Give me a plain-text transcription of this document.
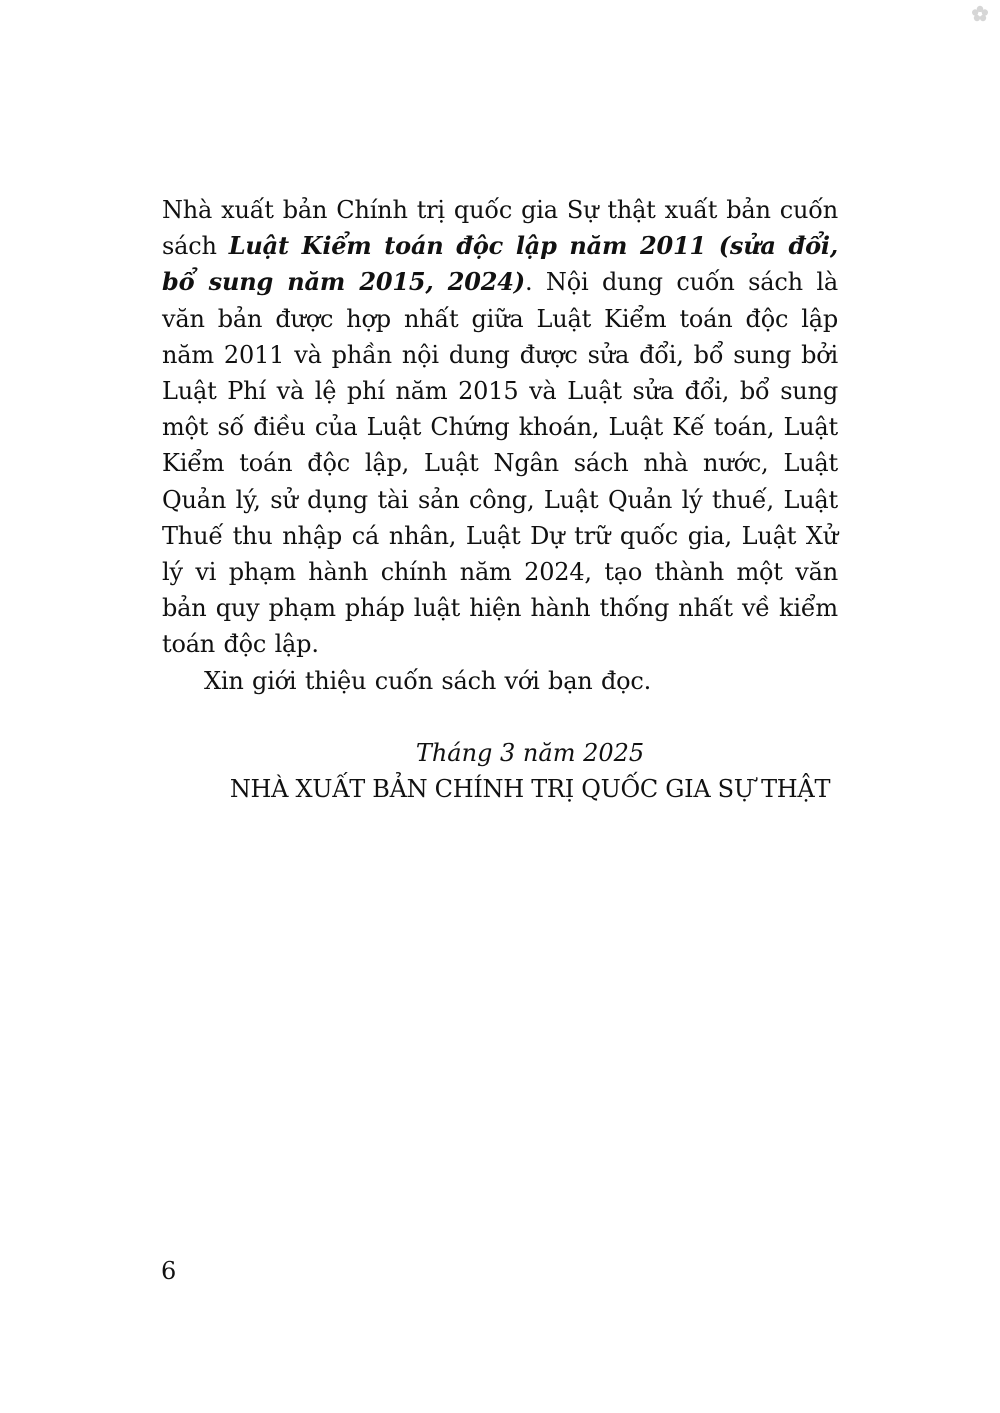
Nhà xuất bản Chính trị quốc gia Sự thật xuất bản cuốn sách Luật Kiểm toán độc lập năm 2011 (sửa đổi, bổ sung năm 2015, 2024). Nội dung cuốn sách là văn bản được hợp nhất giữa Luật Kiểm toán độc lập năm 2011 và phần nội dung được sửa đổi, bổ sung bởi Luật Phí và lệ phí năm 2015 và Luật sửa đổi, bổ sung một số điều của Luật Chứng khoán, Luật Kế toán, Luật Kiểm toán độc lập, Luật Ngân sách nhà nước, Luật Quản lý, sử dụng tài sản công, Luật Quản lý thuế, Luật Thuế thu nhập cá nhân, Luật Dự trữ quốc gia, Luật Xử lý vi phạm hành chính năm 2024, tạo thành một văn bản quy phạm pháp luật hiện hành thống nhất về kiểm toán độc lập.

Xin giới thiệu cuốn sách với bạn đọc.

Tháng 3 năm 2025
NHÀ XUẤT BẢN CHÍNH TRỊ QUỐC GIA SỰ THẬT
6
